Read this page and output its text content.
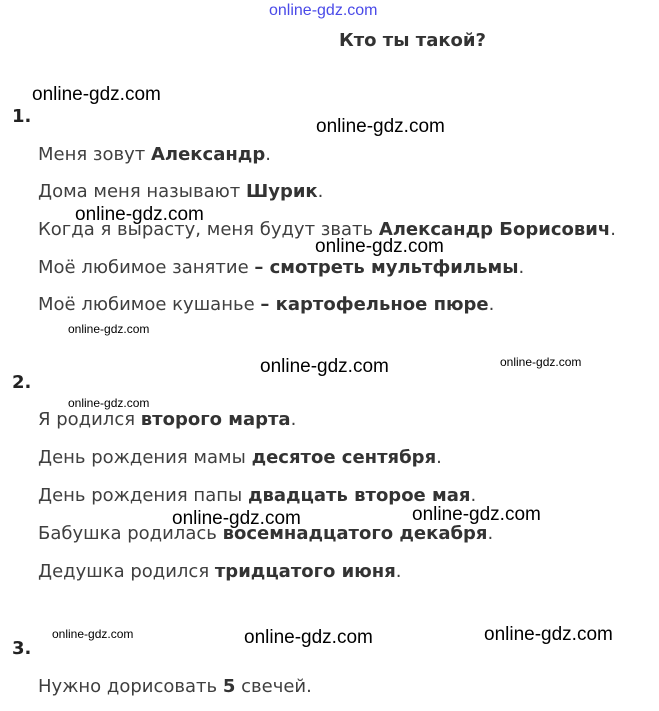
online-gdz.com
Кто ты такой?
1.
Меня зовут Александр.
Дома меня называют Шурик.
Когда я вырасту, меня будут звать Александр Борисович.
Моё любимое занятие – смотреть мультфильмы.
Моё любимое кушанье – картофельное пюре.
2.
Я родился второго марта.
День рождения мамы десятое сентября.
День рождения папы двадцать второе мая.
Бабушка родилась восемнадцатого декабря.
Дедушка родился тридцатого июня.
3.
Нужно дорисовать 5 свечей.
online-gdz.com
online-gdz.com
online-gdz.com
online-gdz.com
online-gdz.com
online-gdz.com	online-gdz.com
online-gdz.com
online-gdz.com	online-gdz.com
online-gdz.com	online-gdz.com	online-gdz.com
